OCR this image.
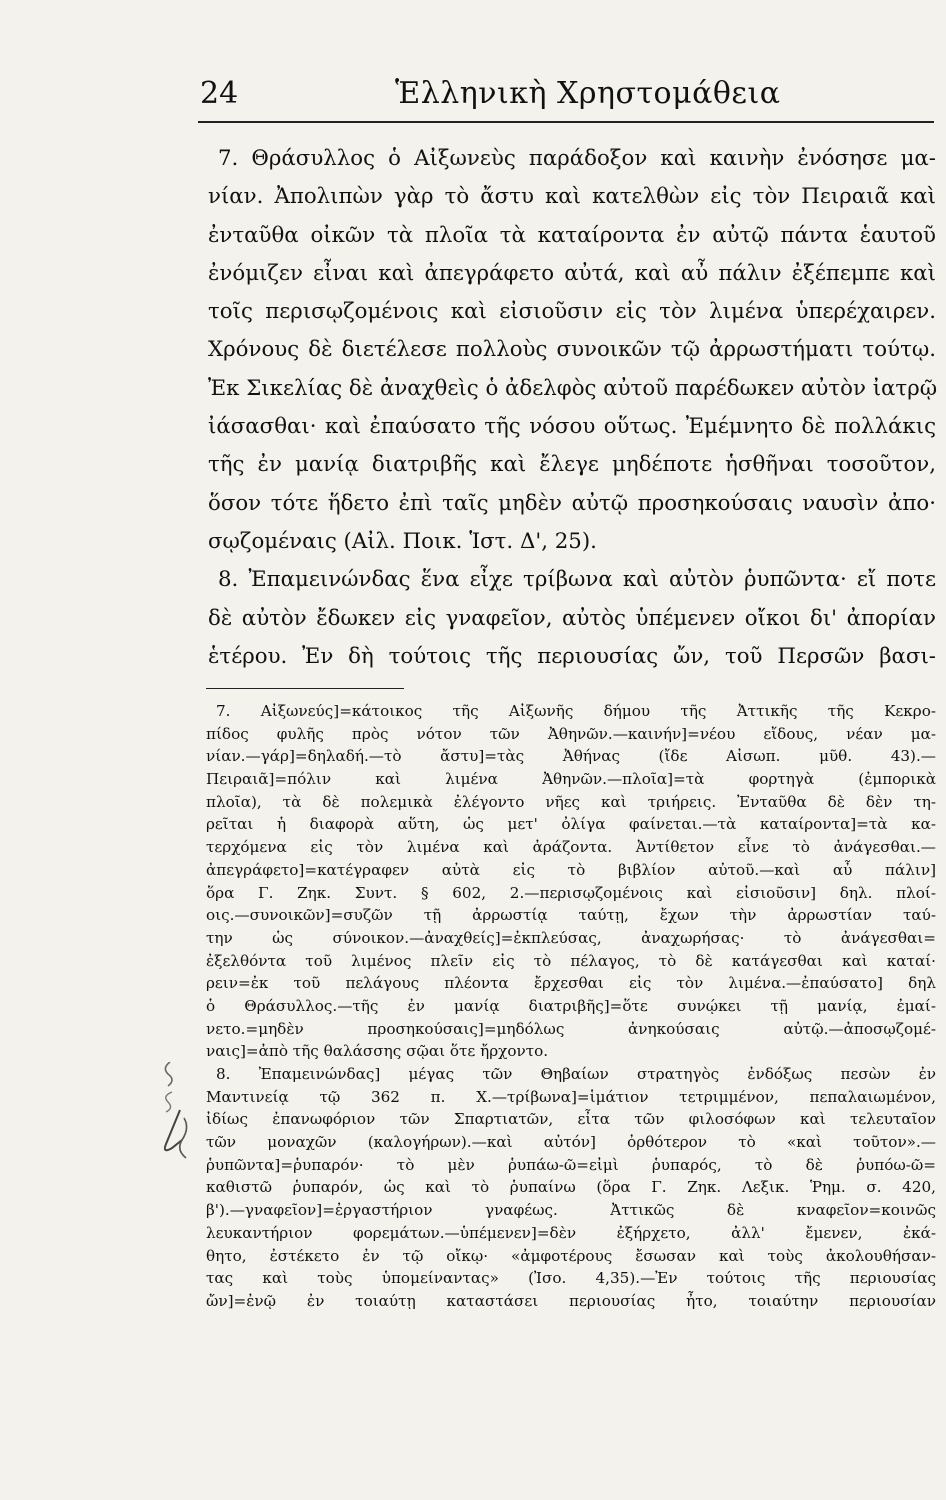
24	Ἑλληνικὴ Χρηστομάθεια
7. Θράσυλλος ὁ Αἰξωνεὺς παράδοξον καὶ καινὴν ἐνόσησε μα-
νίαν. Ἀπολιπὼν γὰρ τὸ ἄστυ καὶ κατελθὼν εἰς τὸν Πειραιᾶ καὶ
ἐνταῦθα οἰκῶν τὰ πλοῖα τὰ καταίροντα ἐν αὐτῷ πάντα ἑαυτοῦ
ἐνόμιζεν εἶναι καὶ ἀπεγράφετο αὐτά, καὶ αὖ πάλιν ἐξέπεμπε καὶ
τοῖς περισῳζομένοις καὶ εἰσιοῦσιν εἰς τὸν λιμένα ὑπερέχαιρεν.
Χρόνους δὲ διετέλεσε πολλοὺς συνοικῶν τῷ ἀρρωστήματι τούτῳ.
Ἐκ Σικελίας δὲ ἀναχθεὶς ὁ ἀδελφὸς αὐτοῦ παρέδωκεν αὐτὸν ἰατρῷ
ἰάσασθαι· καὶ ἐπαύσατο τῆς νόσου οὕτως. Ἐμέμνητο δὲ πολλάκις
τῆς ἐν μανίᾳ διατριβῆς καὶ ἔλεγε μηδέποτε ἡσθῆναι τοσοῦτον,
ὅσον τότε ἥδετο ἐπὶ ταῖς μηδὲν αὐτῷ προσηκούσαις ναυσὶν ἀπο·
σῳζομέναις (Αἰλ. Ποικ. Ἱστ. Δ', 25).
8. Ἐπαμεινώνδας ἕνα εἶχε τρίβωνα καὶ αὐτὸν ῥυπῶντα· εἴ ποτε
δὲ αὐτὸν ἔδωκεν εἰς γναφεῖον, αὐτὸς ὑπέμενεν οἴκοι δι' ἀπορίαν
ἑτέρου. Ἐν δὴ τούτοις τῆς περιουσίας ὤν, τοῦ Περσῶν βασι-
7. Αἰξωνεύς]=κάτοικος τῆς Αἰξωνῆς δήμου τῆς Ἀττικῆς τῆς Κεκρο-
πίδος φυλῆς πρὸς νότον τῶν Ἀθηνῶν.—καινήν]=νέου εἴδους, νέαν μα-
νίαν.—γάρ]=δηλαδή.—τὸ ἄστυ]=τὰς Ἀθήνας (ἴδε Αἰσωπ. μῦθ. 43).—
Πειραιᾶ]=πόλιν καὶ λιμένα Ἀθηνῶν.—πλοῖα]=τὰ φορτηγὰ (ἐμπορικὰ
πλοῖα), τὰ δὲ πολεμικὰ ἐλέγοντο νῆες καὶ τριήρεις. Ἐνταῦθα δὲ δὲν τη-
ρεῖται ἡ διαφορὰ αὕτη, ὡς μετ' ὀλίγα φαίνεται.—τὰ καταίροντα]=τὰ κα-
τερχόμενα εἰς τὸν λιμένα καὶ ἀράζοντα. Ἀντίθετον εἶνε τὸ ἀνάγεσθαι.—
ἀπεγράφετο]=κατέγραφεν αὐτὰ εἰς τὸ βιβλίον αὐτοῦ.—καὶ αὖ πάλιν]
ὅρα Γ. Ζηκ. Συντ. § 602, 2.—περισῳζομένοις καὶ εἰσιοῦσιν] δηλ. πλοί-
οις.—συνοικῶν]=συζῶν τῇ ἀρρωστίᾳ ταύτῃ, ἔχων τὴν ἀρρωστίαν ταύ-
την ὡς σύνοικον.—ἀναχθείς]=ἐκπλεύσας, ἀναχωρήσας· τὸ ἀνάγεσθαι=
ἐξελθόντα τοῦ λιμένος πλεῖν εἰς τὸ πέλαγος, τὸ δὲ κατάγεσθαι καὶ καταί·
ρειν=ἐκ τοῦ πελάγους πλέοντα ἔρχεσθαι εἰς τὸν λιμένα.—ἐπαύσατο] δηλ
ὁ Θράσυλλος.—τῆς ἐν μανίᾳ διατριβῆς]=ὅτε συνῴκει τῇ μανίᾳ, ἐμαί-
νετο.=μηδὲν προσηκούσαις]=μηδόλως ἀνηκούσαις αὐτῷ.—ἀποσῳζομέ-
ναις]=ἀπὸ τῆς θαλάσσης σῷαι ὅτε ἤρχοντο.
8. Ἐπαμεινώνδας] μέγας τῶν Θηβαίων στρατηγὸς ἐνδόξως πεσὼν ἐν
Μαντινείᾳ τῷ 362 π. Χ.—τρίβωνα]=ἱμάτιον τετριμμένον, πεπαλαιωμένον,
ἰδίως ἐπανωφόριον τῶν Σπαρτιατῶν, εἶτα τῶν φιλοσόφων καὶ τελευταῖον
τῶν μοναχῶν (καλογήρων).—καὶ αὐτόν] ὀρθότερον τὸ «καὶ τοῦτον».—
ῥυπῶντα]=ῥυπαρόν· τὸ μὲν ῥυπάω-ῶ=εἰμὶ ῥυπαρός, τὸ δὲ ῥυπόω-ῶ=
καθιστῶ ῥυπαρόν, ὡς καὶ τὸ ῥυπαίνω (ὅρα Γ. Ζηκ. Λεξικ. Ῥημ. σ. 420,
β').—γναφεῖον]=ἐργαστήριον γναφέως. Ἀττικῶς δὲ κναφεῖον=κοινῶς
λευκαντήριον φορεμάτων.—ὑπέμενεν]=δὲν ἐξήρχετο, ἀλλ' ἔμενεν, ἐκά-
θητο, ἐστέκετο ἐν τῷ οἴκῳ· «ἀμφοτέρους ἔσωσαν καὶ τοὺς ἀκολουθήσαν-
τας καὶ τοὺς ὑπομείναντας» (Ἰσο. 4,35).—Ἐν τούτοις τῆς περιουσίας
ὤν]=ἐνῷ ἐν τοιαύτῃ καταστάσει περιουσίας ἦτο, τοιαύτην περιουσίαν
